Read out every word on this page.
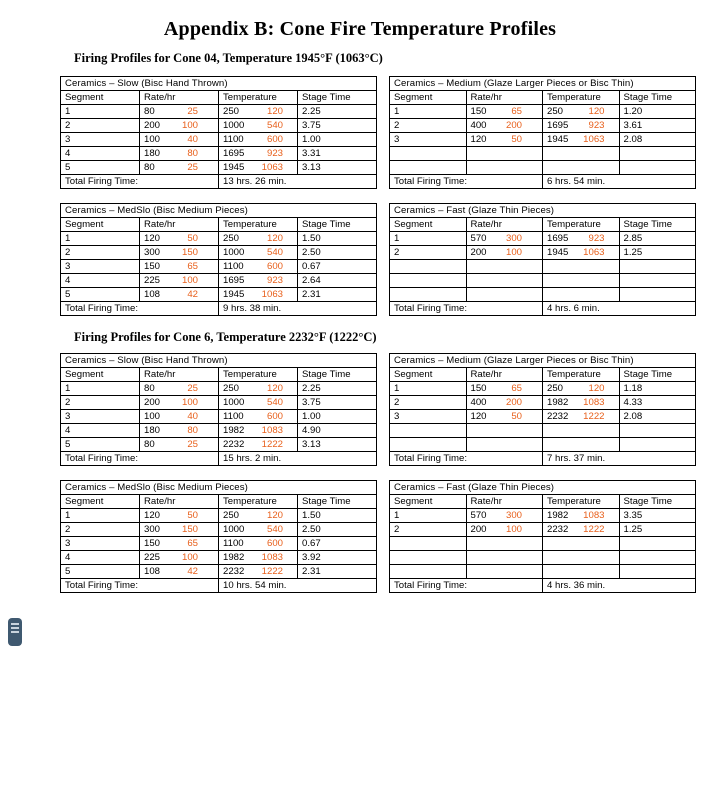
Appendix B: Cone Fire Temperature Profiles
Firing Profiles for Cone 04, Temperature 1945°F (1063°C)
Ceramics – Slow (Bisc Hand Thrown)			
Segment	Rate/hr	Temperature	Stage Time
1	80 25	250 120	2.25
2	200 100	1000 540	3.75
3	100 40	1100 600	1.00
4	180 80	1695 923	3.31
5	80 25	1945 1063	3.13
Total Firing Time:		13 hrs. 26 min.	
Ceramics – Medium (Glaze Larger Pieces or Bisc Thin)			
Segment	Rate/hr	Temperature	Stage Time
1	150 65	250 120	1.20
2	400 200	1695 923	3.61
3	120 50	1945 1063	2.08

Total Firing Time:		6 hrs. 54 min.	
Ceramics – MedSlo (Bisc Medium Pieces)			
Segment	Rate/hr	Temperature	Stage Time
1	120 50	250 120	1.50
2	300 150	1000 540	2.50
3	150 65	1100 600	0.67
4	225 100	1695 923	2.64
5	108 42	1945 1063	2.31
Total Firing Time:		9 hrs. 38 min.	
Ceramics – Fast (Glaze Thin Pieces)			
Segment	Rate/hr	Temperature	Stage Time
1	570 300	1695 923	2.85
2	200 100	1945 1063	1.25

Total Firing Time:		4 hrs. 6 min.	
Firing Profiles for Cone 6, Temperature 2232°F (1222°C)
Ceramics – Slow (Bisc Hand Thrown)			
Segment	Rate/hr	Temperature	Stage Time
1	80 25	250 120	2.25
2	200 100	1000 540	3.75
3	100 40	1100 600	1.00
4	180 80	1982 1083	4.90
5	80 25	2232 1222	3.13
Total Firing Time:		15 hrs. 2 min.	
Ceramics – Medium (Glaze Larger Pieces or Bisc Thin)			
Segment	Rate/hr	Temperature	Stage Time
1	150 65	250 120	1.18
2	400 200	1982 1083	4.33
3	120 50	2232 1222	2.08

Total Firing Time:		7 hrs. 37 min.	
Ceramics – MedSlo (Bisc Medium Pieces)			
Segment	Rate/hr	Temperature	Stage Time
1	120 50	250 120	1.50
2	300 150	1000 540	2.50
3	150 65	1100 600	0.67
4	225 100	1982 1083	3.92
5	108 42	2232 1222	2.31
Total Firing Time:		10 hrs. 54 min.	
Ceramics – Fast (Glaze Thin Pieces)			
Segment	Rate/hr	Temperature	Stage Time
1	570 300	1982 1083	3.35
2	200 100	2232 1222	1.25

Total Firing Time:		4 hrs. 36 min.	
